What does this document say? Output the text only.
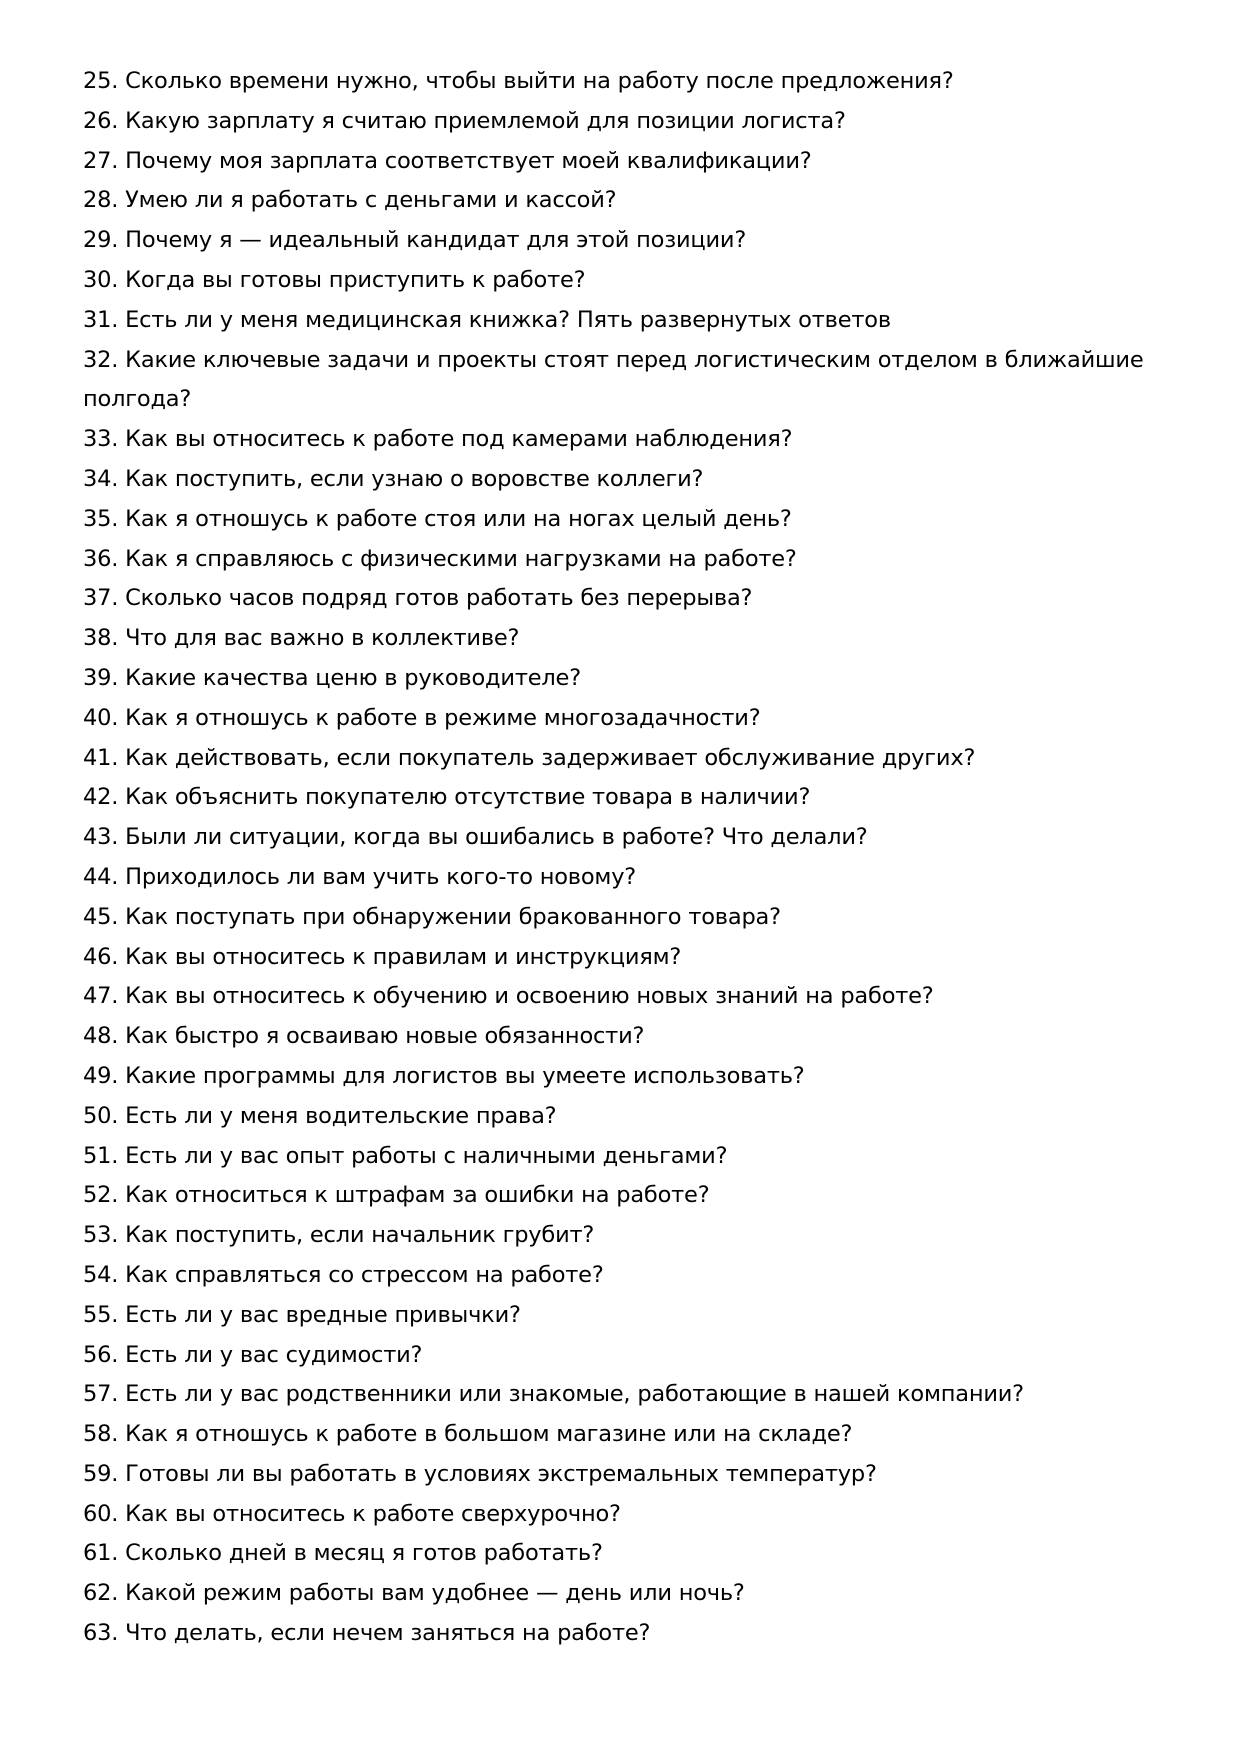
25. Сколько времени нужно, чтобы выйти на работу после предложения?
26. Какую зарплату я считаю приемлемой для позиции логиста?
27. Почему моя зарплата соответствует моей квалификации?
28. Умею ли я работать с деньгами и кассой?
29. Почему я — идеальный кандидат для этой позиции?
30. Когда вы готовы приступить к работе?
31. Есть ли у меня медицинская книжка? Пять развернутых ответов
32. Какие ключевые задачи и проекты стоят перед логистическим отделом в ближайшие полгода?
33. Как вы относитесь к работе под камерами наблюдения?
34. Как поступить, если узнаю о воровстве коллеги?
35. Как я отношусь к работе стоя или на ногах целый день?
36. Как я справляюсь с физическими нагрузками на работе?
37. Сколько часов подряд готов работать без перерыва?
38. Что для вас важно в коллективе?
39. Какие качества ценю в руководителе?
40. Как я отношусь к работе в режиме многозадачности?
41. Как действовать, если покупатель задерживает обслуживание других?
42. Как объяснить покупателю отсутствие товара в наличии?
43. Были ли ситуации, когда вы ошибались в работе? Что делали?
44. Приходилось ли вам учить кого-то новому?
45. Как поступать при обнаружении бракованного товара?
46. Как вы относитесь к правилам и инструкциям?
47. Как вы относитесь к обучению и освоению новых знаний на работе?
48. Как быстро я осваиваю новые обязанности?
49. Какие программы для логистов вы умеете использовать?
50. Есть ли у меня водительские права?
51. Есть ли у вас опыт работы с наличными деньгами?
52. Как относиться к штрафам за ошибки на работе?
53. Как поступить, если начальник грубит?
54. Как справляться со стрессом на работе?
55. Есть ли у вас вредные привычки?
56. Есть ли у вас судимости?
57. Есть ли у вас родственники или знакомые, работающие в нашей компании?
58. Как я отношусь к работе в большом магазине или на складе?
59. Готовы ли вы работать в условиях экстремальных температур?
60. Как вы относитесь к работе сверхурочно?
61. Сколько дней в месяц я готов работать?
62. Какой режим работы вам удобнее — день или ночь?
63. Что делать, если нечем заняться на работе?
